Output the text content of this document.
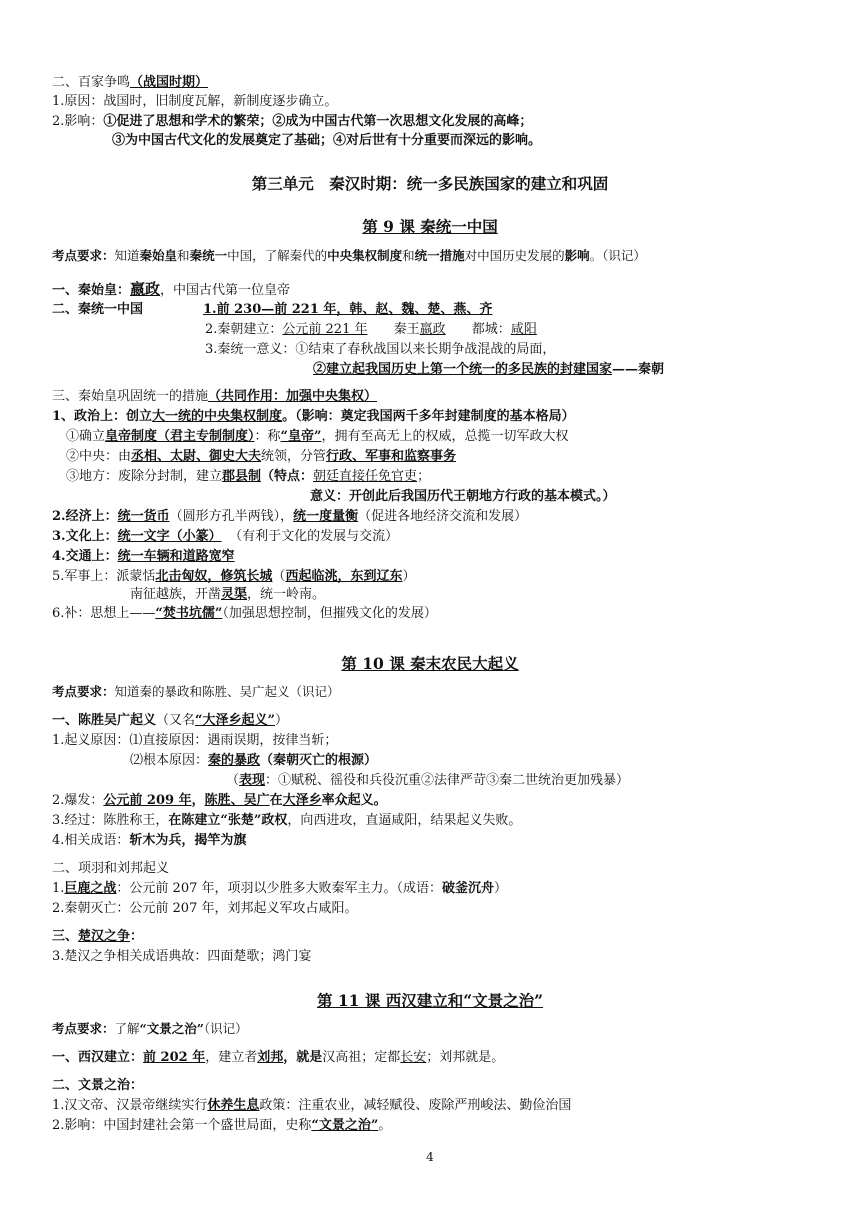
二、百家争鸣（战国时期）
1.原因：战国时，旧制度瓦解，新制度逐步确立。
2.影响：①促进了思想和学术的繁荣；②成为中国古代第一次思想文化发展的高峰；
③为中国古代文化的发展奠定了基础；④对后世有十分重要而深远的影响。
第三单元　秦汉时期：统一多民族国家的建立和巩固
第 9 课 秦统一中国
考点要求：知道秦始皇和秦统一中国，了解秦代的中央集权制度和统一措施对中国历史发展的影响。（识记）
一、秦始皇：嬴政，中国古代第一位皇帝
二、秦统一中国	1.前 230—前 221 年，韩、赵、魏、楚、燕、齐
2.秦朝建立：公元前 221 年 秦王嬴政 都城：咸阳
3.秦统一意义：①结束了春秋战国以来长期争战混战的局面，
②建立起我国历史上第一个统一的多民族的封建国家——秦朝
三、秦始皇巩固统一的措施（共同作用：加强中央集权）
1、政治上：创立大一统的中央集权制度。（影响：奠定我国两千多年封建制度的基本格局）
①确立皇帝制度（君主专制制度）：称“皇帝”，拥有至高无上的权威，总揽一切军政大权
②中央：由丞相、太尉、御史大夫统领，分管行政、军事和监察事务
③地方：废除分封制，建立郡县制（特点：朝廷直接任免官吏；
意义：开创此后我国历代王朝地方行政的基本模式。）
2.经济上：统一货币（圆形方孔半两钱），统一度量衡（促进各地经济交流和发展）
3.文化上：统一文字（小篆） （有利于文化的发展与交流）
4.交通上：统一车辆和道路宽窄
5.军事上：派蒙恬北击匈奴，修筑长城（西起临洮，东到辽东）
南征越族，开凿灵渠，统一岭南。
6.补：思想上——“焚书坑儒”（加强思想控制，但摧残文化的发展）
第 10 课 秦末农民大起义
考点要求：知道秦的暴政和陈胜、吴广起义（识记）
一、陈胜吴广起义（又名“大泽乡起义”）
1.起义原因：⑴直接原因：遇雨误期，按律当斩；
⑵根本原因：秦的暴政（秦朝灭亡的根源）
（表现：①赋税、徭役和兵役沉重②法律严苛③秦二世统治更加残暴）
2.爆发：公元前 209 年，陈胜、吴广在大泽乡率众起义。
3.经过：陈胜称王，在陈建立“张楚”政权，向西进攻，直逼咸阳，结果起义失败。
4.相关成语：斩木为兵，揭竿为旗
二、项羽和刘邦起义
1.巨鹿之战：公元前 207 年，项羽以少胜多大败秦军主力。（成语：破釜沉舟）
2.秦朝灭亡：公元前 207 年，刘邦起义军攻占咸阳。
三、楚汉之争：
3.楚汉之争相关成语典故：四面楚歌；鸿门宴
第 11 课 西汉建立和“文景之治”
考点要求：了解“文景之治”（识记）
一、西汉建立：前 202 年，建立者刘邦，就是汉高祖；定都长安；刘邦就是。
二、文景之治：
1.汉文帝、汉景帝继续实行休养生息政策：注重农业，减轻赋役、废除严刑峻法、勤俭治国
2.影响：中国封建社会第一个盛世局面，史称“文景之治”。
4
